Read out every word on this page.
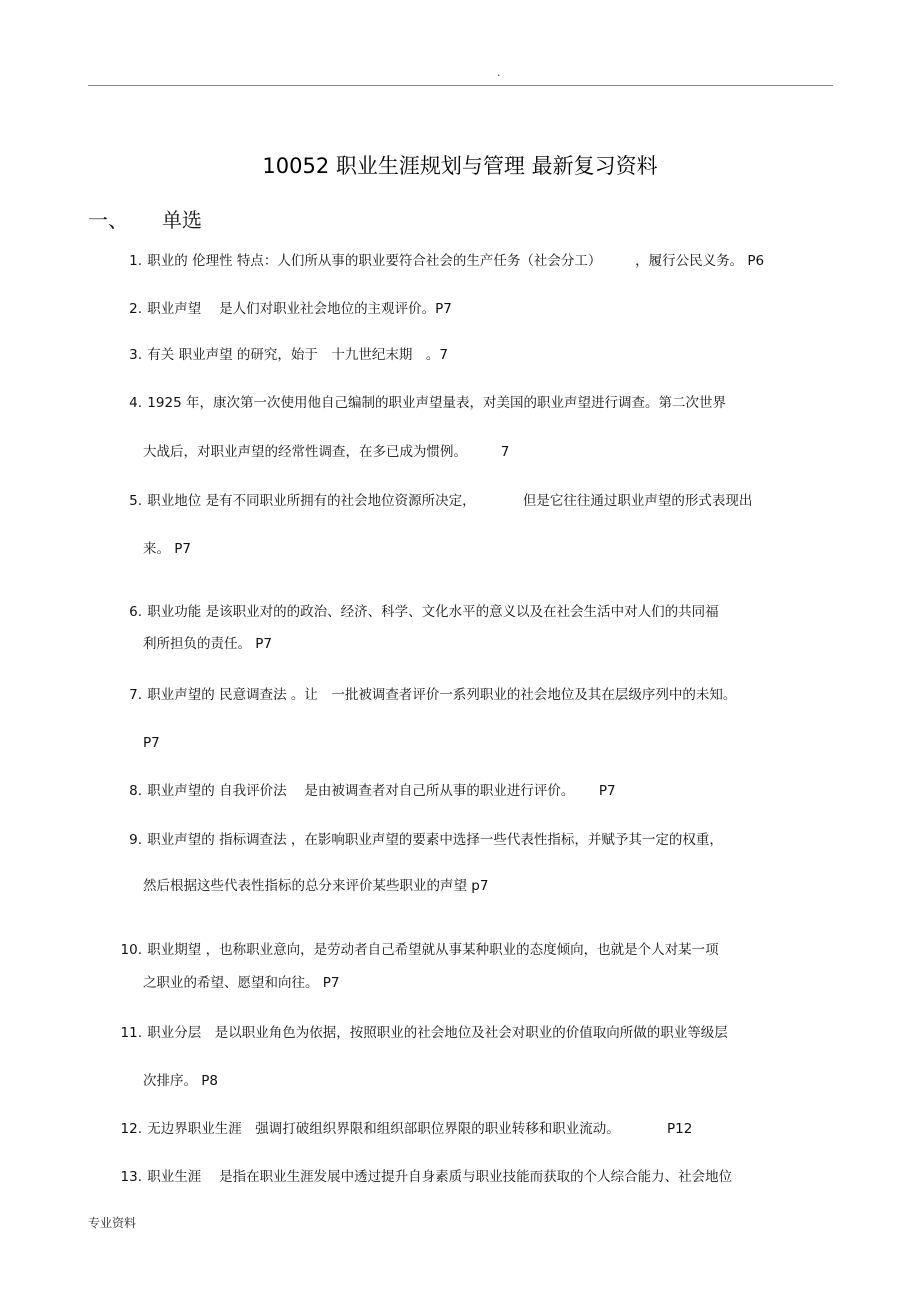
.
10052 职业生涯规划与管理 最新复习资料
一、 单选
1. 职业的 伦理性 特点：人们所从事的职业要符合社会的生产任务（社会分工）　　　，履行公民义务。 P6
2. 职业声望　 是人们对职业社会地位的主观评价。P7
3. 有关 职业声望 的研究，始于　十九世纪末期　。7
4. 1925 年，康次第一次使用他自己编制的职业声望量表，对美国的职业声望进行调查。第二次世界
大战后，对职业声望的经常性调查，在多已成为惯例。　　　7
5. 职业地位 是有不同职业所拥有的社会地位资源所决定，　　　　但是它往往通过职业声望的形式表现出
来。 P7
6. 职业功能 是该职业对的的政治、经济、科学、文化水平的意义以及在社会生活中对人们的共同福
利所担负的责任。 P7
7. 职业声望的 民意调查法 。让　一批被调查者评价一系列职业的社会地位及其在层级序列中的未知。
P7
8. 职业声望的 自我评价法　 是由被调查者对自己所从事的职业进行评价。　　 P7
9. 职业声望的 指标调查法 ，在影响职业声望的要素中选择一些代表性指标，并赋予其一定的权重，
然后根据这些代表性指标的总分来评价某些职业的声望 p7
10. 职业期望 ，也称职业意向，是劳动者自己希望就从事某种职业的态度倾向，也就是个人对某一项
之职业的希望、愿望和向往。 P7
11. 职业分层　是以职业角色为依据，按照职业的社会地位及社会对职业的价值取向所做的职业等级层
次排序。 P8
12. 无边界职业生涯　强调打破组织界限和组织部职位界限的职业转移和职业流动。　　　　P12
13. 职业生涯　 是指在职业生涯发展中透过提升自身素质与职业技能而获取的个人综合能力、社会地位
专业资料
